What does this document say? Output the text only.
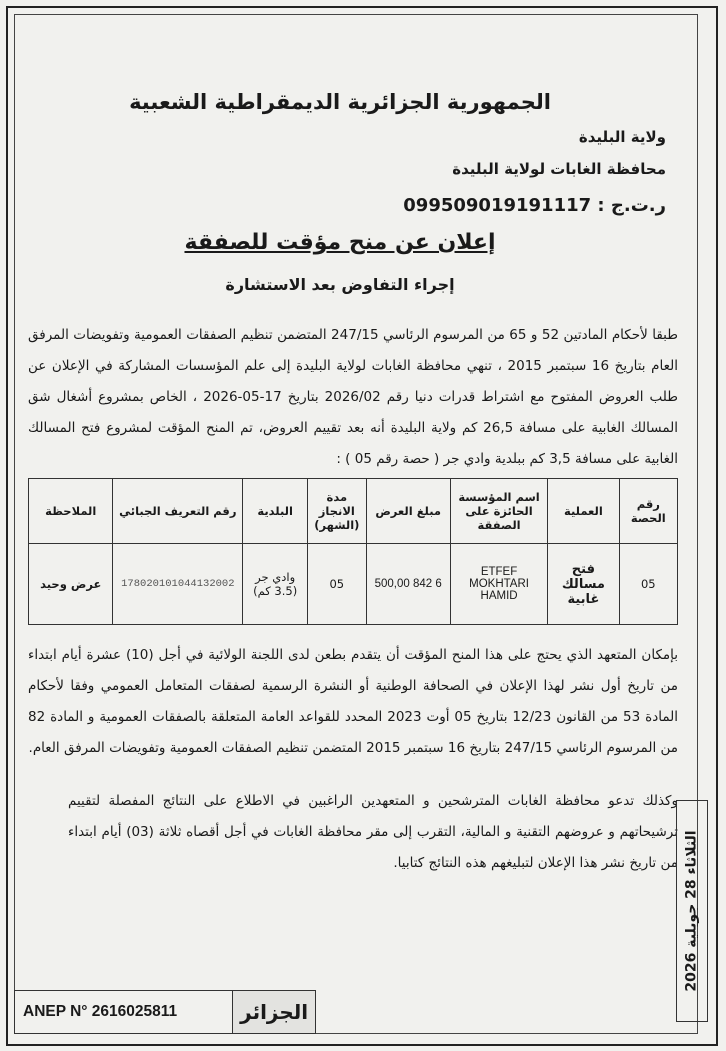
الجمهورية الجزائرية الديمقراطية الشعبية
ولاية البليدة
محافظة الغابات لولاية البليدة
ر.ت.ج : 099509019191117
إعلان عن منح مؤقت للصفقة
إجراء التفاوض بعد الاستشارة

طبقا لأحكام المادتين 52 و 65 من المرسوم الرئاسي 247/15 المتضمن تنظيم الصفقات العمومية وتفويضات المرفق العام بتاريخ 16 سبتمبر 2015 ، تنهي محافظة الغابات لولاية البليدة إلى علم المؤسسات المشاركة في الإعلان عن طلب العروض المفتوح مع اشتراط قدرات دنيا رقم 2026/02 بتاريخ 17-05-2026 ، الخاص بمشروع أشغال شق المسالك الغابية على مسافة 26,5 كم ولاية البليدة أنه بعد تقييم العروض، تم المنح المؤقت لمشروع فتح المسالك الغابية على مسافة 3,5 كم ببلدية وادي جر ( حصة رقم 05 ) :

رقم الحصة	العملية	اسم المؤسسة الحائزة على الصفقة	مبلغ العرض	مدة الانجاز (الشهر)	البلدية	رقم التعريف الجبائي	الملاحظة
05	فتح مسالك غابية	ETFEF MOKHTARI HAMID	6 842 500,00	05	وادي جر (3.5 كم)	178020101044132002	عرض وحيد

بإمكان المتعهد الذي يحتج على هذا المنح المؤقت أن يتقدم بطعن لدى اللجنة الولائية في أجل (10) عشرة أيام ابتداء من تاريخ أول نشر لهذا الإعلان في الصحافة الوطنية أو النشرة الرسمية لصفقات المتعامل العمومي وفقا لأحكام المادة 53 من القانون 12/23 بتاريخ 05 أوت 2023 المحدد للقواعد العامة المتعلقة بالصفقات العمومية و المادة 82 من المرسوم الرئاسي 247/15 بتاريخ 16 سبتمبر 2015 المتضمن تنظيم الصفقات العمومية وتفويضات المرفق العام.

وكذلك تدعو محافظة الغابات المترشحين و المتعهدين الراغبين في الاطلاع على النتائج المفصلة لتقييم ترشيحاتهم و عروضهم التقنية و المالية، التقرب إلى مقر محافظة الغابات في أجل أقصاه ثلاثة (03) أيام ابتداء من تاريخ نشر هذا الإعلان لتبليغهم هذه النتائج كتابيا.

الثلاثاء 28 جويلية 2026
ANEP N° 2616025811	الجزائر
